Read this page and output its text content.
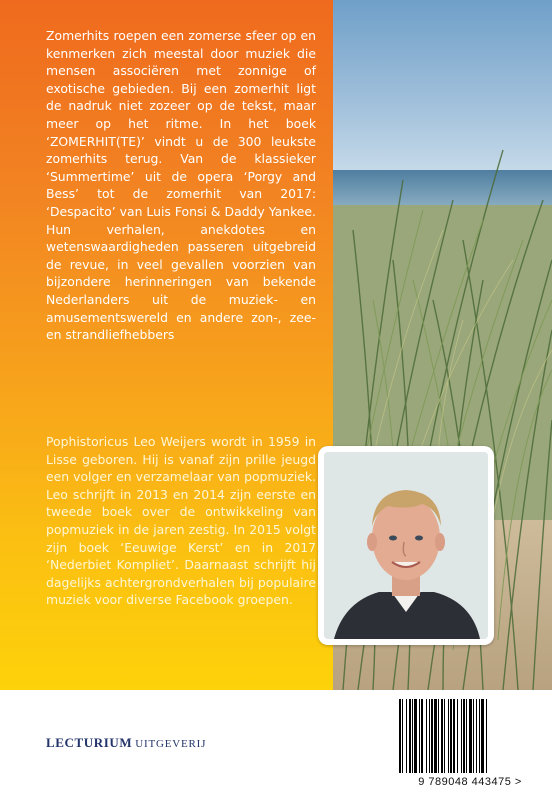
Zomerhits roepen een zomerse sfeer op en kenmerken zich meestal door muziek die mensen associëren met zonnige of exotische gebieden. Bij een zomerhit ligt de nadruk niet zozeer op de tekst, maar meer op het ritme. In het boek ‘ZOMERHIT(TE)’ vindt u de 300 leukste zomerhits terug. Van de klassieker ‘Summertime’ uit de opera ‘Porgy and Bess’ tot de zomerhit van 2017: ‘Despacito’ van Luis Fonsi & Daddy Yankee. Hun verhalen, anekdotes en wetenswaardigheden passeren uitgebreid de revue, in veel gevallen voorzien van bijzondere herinneringen van bekende Nederlanders uit de muziek- en amusementswereld en andere zon-, zee- en strandliefhebbers

Pophistoricus Leo Weijers wordt in 1959 in Lisse geboren. Hij is vanaf zijn prille jeugd een volger en verzamelaar van popmuziek. Leo schrijft in 2013 en 2014 zijn eerste en tweede boek over de ontwikkeling van popmuziek in de jaren zestig. In 2015 volgt zijn boek ‘Eeuwige Kerst’ en in 2017 ‘Nederbiet Kompliet’. Daarnaast schrijft hij dagelijks achtergrondverhalen bij populaire muziek voor diverse Facebook groepen.

LECTURIUM UITGEVERIJ
9 789048 443475 >
